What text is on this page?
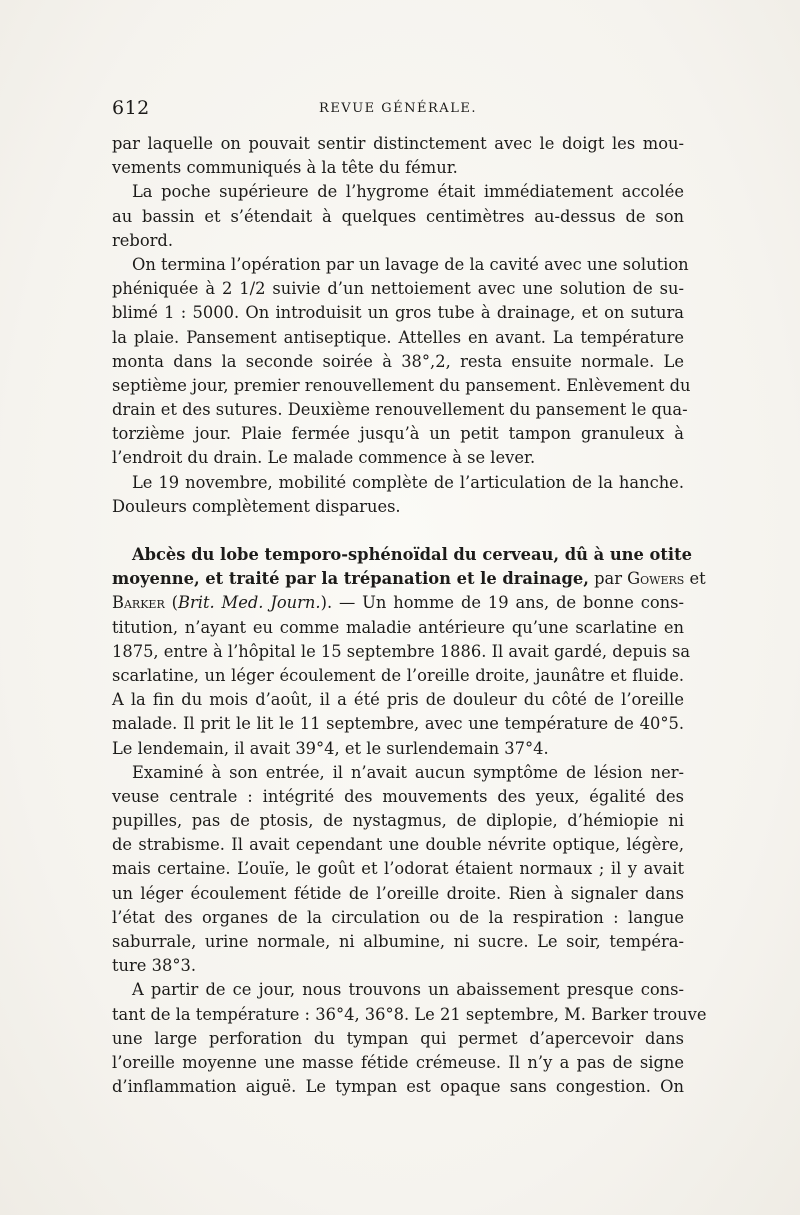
612	REVUE GÉNÉRALE.
par laquelle on pouvait sentir distinctement avec le doigt les mou-
vements communiqués à la tête du fémur.
La poche supérieure de l’hygrome était immédiatement accolée
au bassin et s’étendait à quelques centimètres au-dessus de son
rebord.
On termina l’opération par un lavage de la cavité avec une solution
phéniquée à 2 1/2 suivie d’un nettoiement avec une solution de su-
blimé 1 : 5000. On introduisit un gros tube à drainage, et on sutura
la plaie. Pansement antiseptique. Attelles en avant. La température
monta dans la seconde soirée à 38°,2, resta ensuite normale. Le
septième jour, premier renouvellement du pansement. Enlèvement du
drain et des sutures. Deuxième renouvellement du pansement le qua-
torzième jour. Plaie fermée jusqu’à un petit tampon granuleux à
l’endroit du drain. Le malade commence à se lever.
Le 19 novembre, mobilité complète de l’articulation de la hanche.
Douleurs complètement disparues.
Abcès du lobe temporo-sphénoïdal du cerveau, dû à une otite
moyenne, et traité par la trépanation et le drainage, par Gowers et
Barker (Brit. Med. Journ.). — Un homme de 19 ans, de bonne cons-
titution, n’ayant eu comme maladie antérieure qu’une scarlatine en
1875, entre à l’hôpital le 15 septembre 1886. Il avait gardé, depuis sa
scarlatine, un léger écoulement de l’oreille droite, jaunâtre et fluide.
A la fin du mois d’août, il a été pris de douleur du côté de l’oreille
malade. Il prit le lit le 11 septembre, avec une température de 40°5.
Le lendemain, il avait 39°4, et le surlendemain 37°4.
Examiné à son entrée, il n’avait aucun symptôme de lésion ner-
veuse centrale : intégrité des mouvements des yeux, égalité des
pupilles, pas de ptosis, de nystagmus, de diplopie, d’hémiopie ni
de strabisme. Il avait cependant une double névrite optique, légère,
mais certaine. L’ouïe, le goût et l’odorat étaient normaux ; il y avait
un léger écoulement fétide de l’oreille droite. Rien à signaler dans
l’état des organes de la circulation ou de la respiration : langue
saburrale, urine normale, ni albumine, ni sucre. Le soir, tempéra-
ture 38°3.
A partir de ce jour, nous trouvons un abaissement presque cons-
tant de la température : 36°4, 36°8. Le 21 septembre, M. Barker trouve
une large perforation du tympan qui permet d’apercevoir dans
l’oreille moyenne une masse fétide crémeuse. Il n’y a pas de signe
d’inflammation aiguë. Le tympan est opaque sans congestion. On
